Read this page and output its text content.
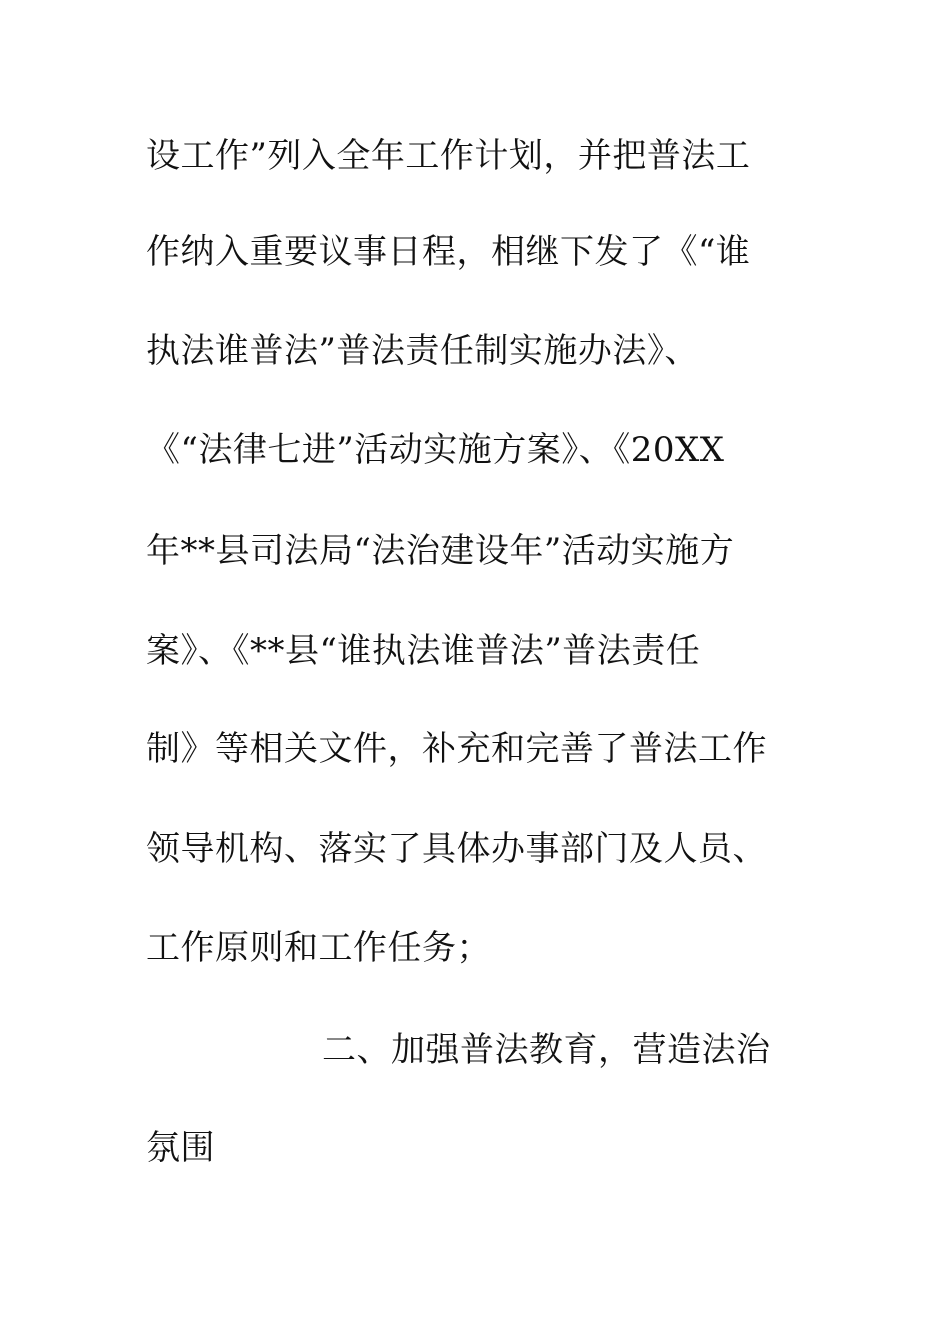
设工作”列入全年工作计划，并把普法工
作纳入重要议事日程，相继下发了《“谁
执法谁普法”普法责任制实施办法》、
《“法律七进”活动实施方案》、《20XX
年**县司法局“法治建设年”活动实施方
案》、《**县“谁执法谁普法”普法责任
制》等相关文件，补充和完善了普法工作
领导机构、落实了具体办事部门及人员、
工作原则和工作任务；
二、加强普法教育，营造法治
氛围
